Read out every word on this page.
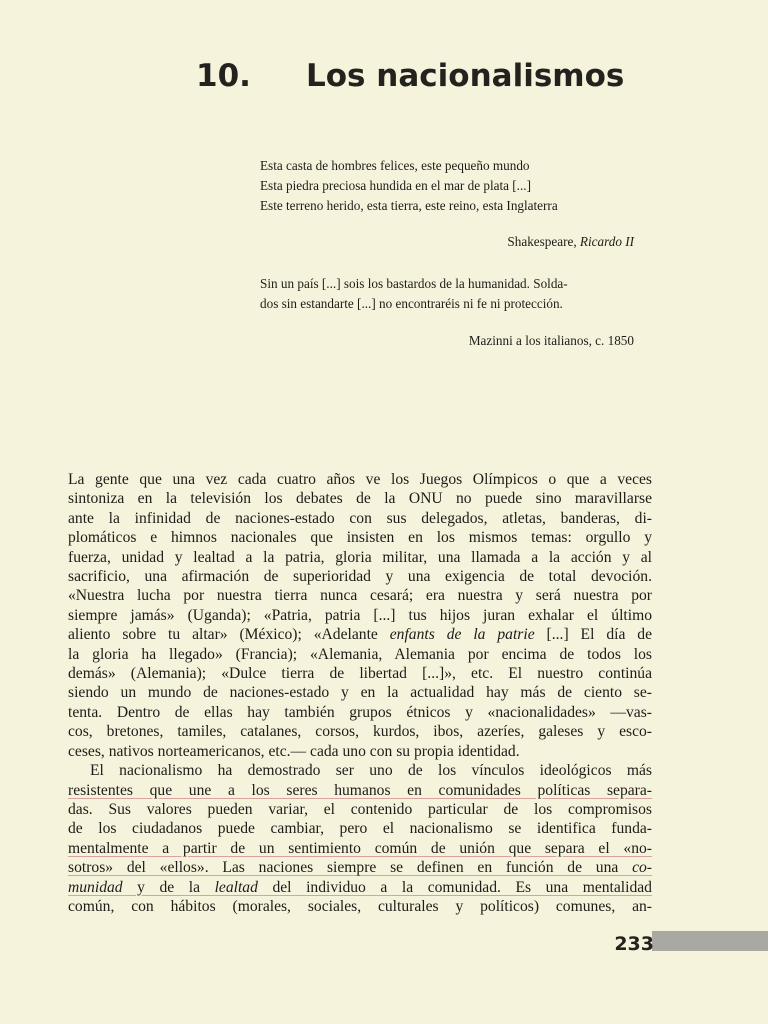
10. Los nacionalismos

Esta casta de hombres felices, este pequeño mundo

Esta piedra preciosa hundida en el mar de plata [...]

Este terreno herido, esta tierra, este reino, esta Inglaterra

Shakespeare, Ricardo II

Sin un país [...] sois los bastardos de la humanidad. Solda-

dos sin estandarte [...] no encontraréis ni fe ni protección.

Mazinni a los italianos, c. 1850
La gente que una vez cada cuatro años ve los Juegos Olímpicos o que a veces
sintoniza en la televisión los debates de la ONU no puede sino maravillarse
ante la infinidad de naciones-estado con sus delegados, atletas, banderas, di-
plomáticos e himnos nacionales que insisten en los mismos temas: orgullo y
fuerza, unidad y lealtad a la patria, gloria militar, una llamada a la acción y al
sacrificio, una afirmación de superioridad y una exigencia de total devoción.
«Nuestra lucha por nuestra tierra nunca cesará; era nuestra y será nuestra por
siempre jamás» (Uganda); «Patria, patria [...] tus hijos juran exhalar el último
aliento sobre tu altar» (México); «Adelante enfants de la patrie [...] El día de
la gloria ha llegado» (Francia); «Alemania, Alemania por encima de todos los
demás» (Alemania); «Dulce tierra de libertad [...]», etc. El nuestro continúa
siendo un mundo de naciones-estado y en la actualidad hay más de ciento se-
tenta. Dentro de ellas hay también grupos étnicos y «nacionalidades» —vas-
cos, bretones, tamiles, catalanes, corsos, kurdos, ibos, azeríes, galeses y esco-
ceses, nativos norteamericanos, etc.— cada uno con su propia identidad.
El nacionalismo ha demostrado ser uno de los vínculos ideológicos más
resistentes que une a los seres humanos en comunidades políticas separa-
das. Sus valores pueden variar, el contenido particular de los compromisos
de los ciudadanos puede cambiar, pero el nacionalismo se identifica funda-
mentalmente a partir de un sentimiento común de unión que separa el «no-
sotros» del «ellos». Las naciones siempre se definen en función de una co-
munidad y de la lealtad del individuo a la comunidad. Es una mentalidad
común, con hábitos (morales, sociales, culturales y políticos) comunes, an-
233
